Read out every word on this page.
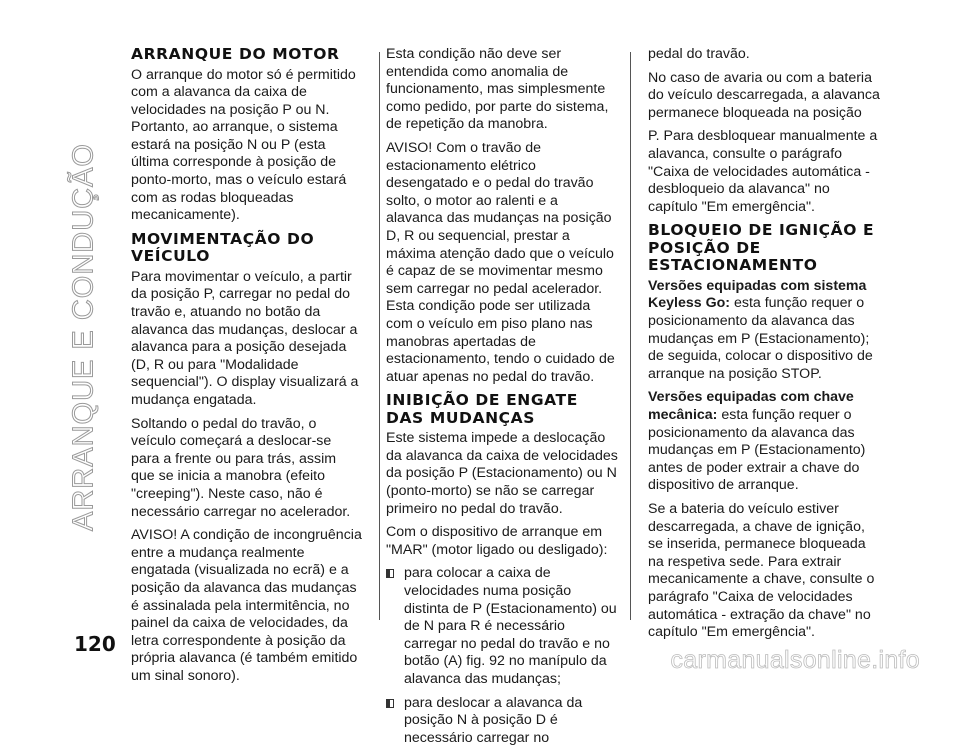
ARRANQUE E CONDUÇÃO
ARRANQUE DO MOTOR

O arranque do motor só é permitido com a alavanca da caixa de velocidades na posição P ou N. Portanto, ao arranque, o sistema estará na posição N ou P (esta última corresponde à posição de ponto-morto, mas o veículo estará com as rodas bloqueadas mecanicamente).

MOVIMENTAÇÃO DO VEÍCULO

Para movimentar o veículo, a partir da posição P, carregar no pedal do travão e, atuando no botão da alavanca das mudanças, deslocar a alavanca para a posição desejada (D, R ou para "Modalidade sequencial"). O display visualizará a mudança engatada.

Soltando o pedal do travão, o veículo começará a deslocar-se para a frente ou para trás, assim que se inicia a manobra (efeito "creeping"). Neste caso, não é necessário carregar no acelerador.

AVISO! A condição de incongruência entre a mudança realmente engatada (visualizada no ecrã) e a posição da alavanca das mudanças é assinalada pela intermitência, no painel da caixa de velocidades, da letra correspondente à posição da própria alavanca (é também emitido um sinal sonoro).

Esta condição não deve ser entendida como anomalia de funcionamento, mas simplesmente como pedido, por parte do sistema, de repetição da manobra.

AVISO! Com o travão de estacionamento elétrico desengatado e o pedal do travão solto, o motor ao ralenti e a alavanca das mudanças na posição D, R ou sequencial, prestar a máxima atenção dado que o veículo é capaz de se movimentar mesmo sem carregar no pedal acelerador. Esta condição pode ser utilizada com o veículo em piso plano nas manobras apertadas de estacionamento, tendo o cuidado de atuar apenas no pedal do travão.

INIBIÇÃO DE ENGATE DAS MUDANÇAS

Este sistema impede a deslocação da alavanca da caixa de velocidades da posição P (Estacionamento) ou N (ponto-morto) se não se carregar primeiro no pedal do travão.

Com o dispositivo de arranque em "MAR" (motor ligado ou desligado):

para colocar a caixa de velocidades numa posição distinta de P (Estacionamento) ou de N para R é necessário carregar no pedal do travão e no botão (A) fig. 92 no manípulo da alavanca das mudanças;

para deslocar a alavanca da posição N à posição D é necessário carregar no

pedal do travão.

No caso de avaria ou com a bateria do veículo descarregada, a alavanca permanece bloqueada na posição

P. Para desbloquear manualmente a alavanca, consulte o parágrafo "Caixa de velocidades automática - desbloqueio da alavanca" no capítulo "Em emergência".

BLOQUEIO DE IGNIÇÃO E POSIÇÃO DE ESTACIONAMENTO

Versões equipadas com sistema Keyless Go: esta função requer o posicionamento da alavanca das mudanças em P (Estacionamento); de seguida, colocar o dispositivo de arranque na posição STOP.

Versões equipadas com chave mecânica: esta função requer o posicionamento da alavanca das mudanças em P (Estacionamento) antes de poder extrair a chave do dispositivo de arranque.

Se a bateria do veículo estiver descarregada, a chave de ignição, se inserida, permanece bloqueada na respetiva sede. Para extrair mecanicamente a chave, consulte o parágrafo "Caixa de velocidades automática - extração da chave" no capítulo "Em emergência".

120
carmanualsonline.info
